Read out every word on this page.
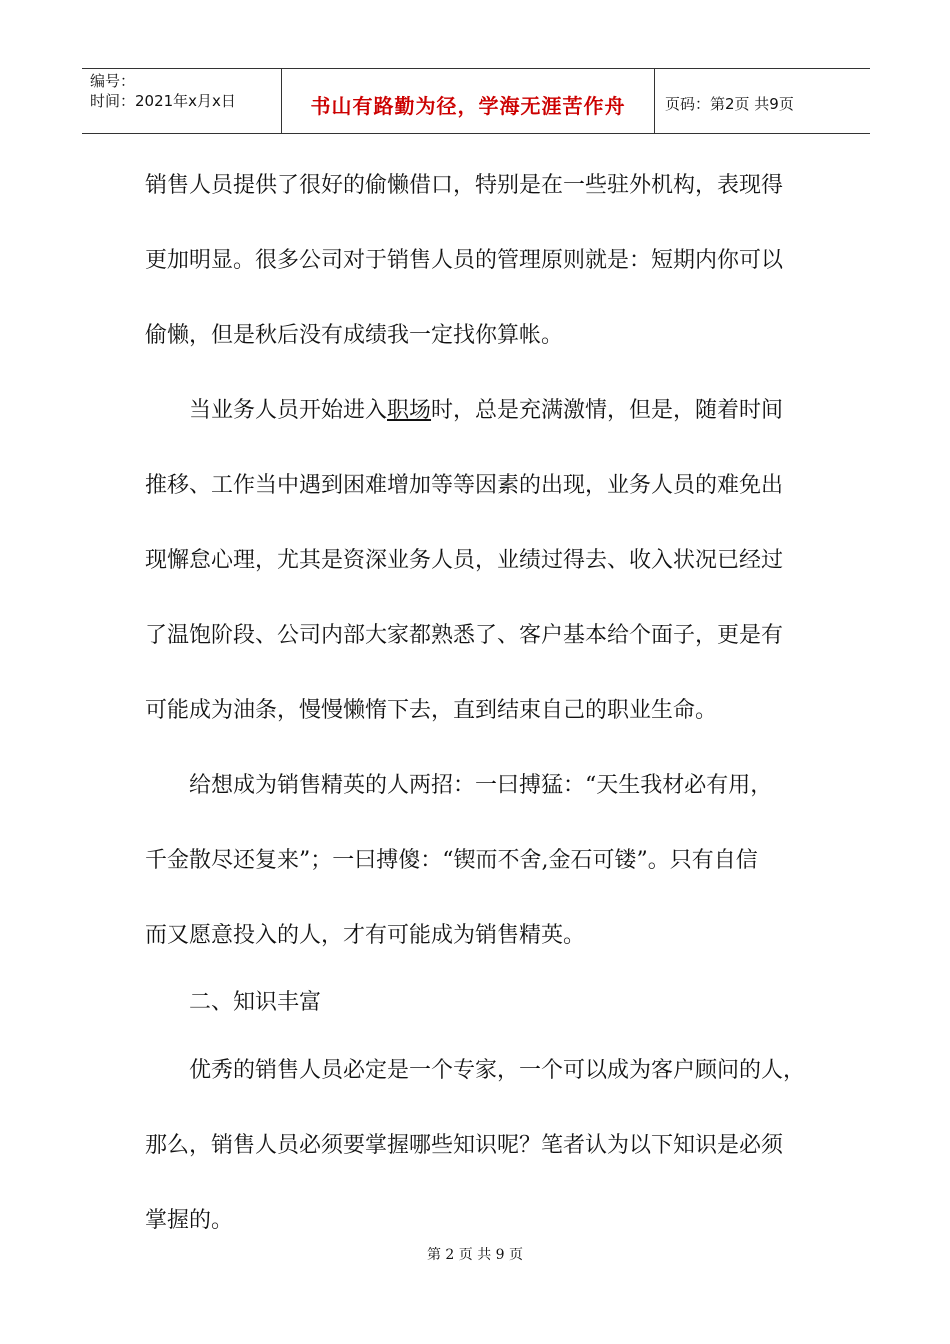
编号：
时间：2021年x月x日	书山有路勤为径，学海无涯苦作舟	页码：第2页 共9页
销售人员提供了很好的偷懒借口，特别是在一些驻外机构，表现得
更加明显。很多公司对于销售人员的管理原则就是：短期内你可以
偷懒，但是秋后没有成绩我一定找你算帐。
当业务人员开始进入职场时，总是充满激情，但是，随着时间
推移、工作当中遇到困难增加等等因素的出现，业务人员的难免出
现懈怠心理，尤其是资深业务人员，业绩过得去、收入状况已经过
了温饱阶段、公司内部大家都熟悉了、客户基本给个面子，更是有
可能成为油条，慢慢懒惰下去，直到结束自己的职业生命。
给想成为销售精英的人两招：一曰搏猛：“天生我材必有用，
千金散尽还复来”；一曰搏傻：“锲而不舍,金石可镂”。只有自信
而又愿意投入的人，才有可能成为销售精英。
二、知识丰富
优秀的销售人员必定是一个专家，一个可以成为客户顾问的人，
那么，销售人员必须要掌握哪些知识呢？笔者认为以下知识是必须
掌握的。
第 2 页 共 9 页
